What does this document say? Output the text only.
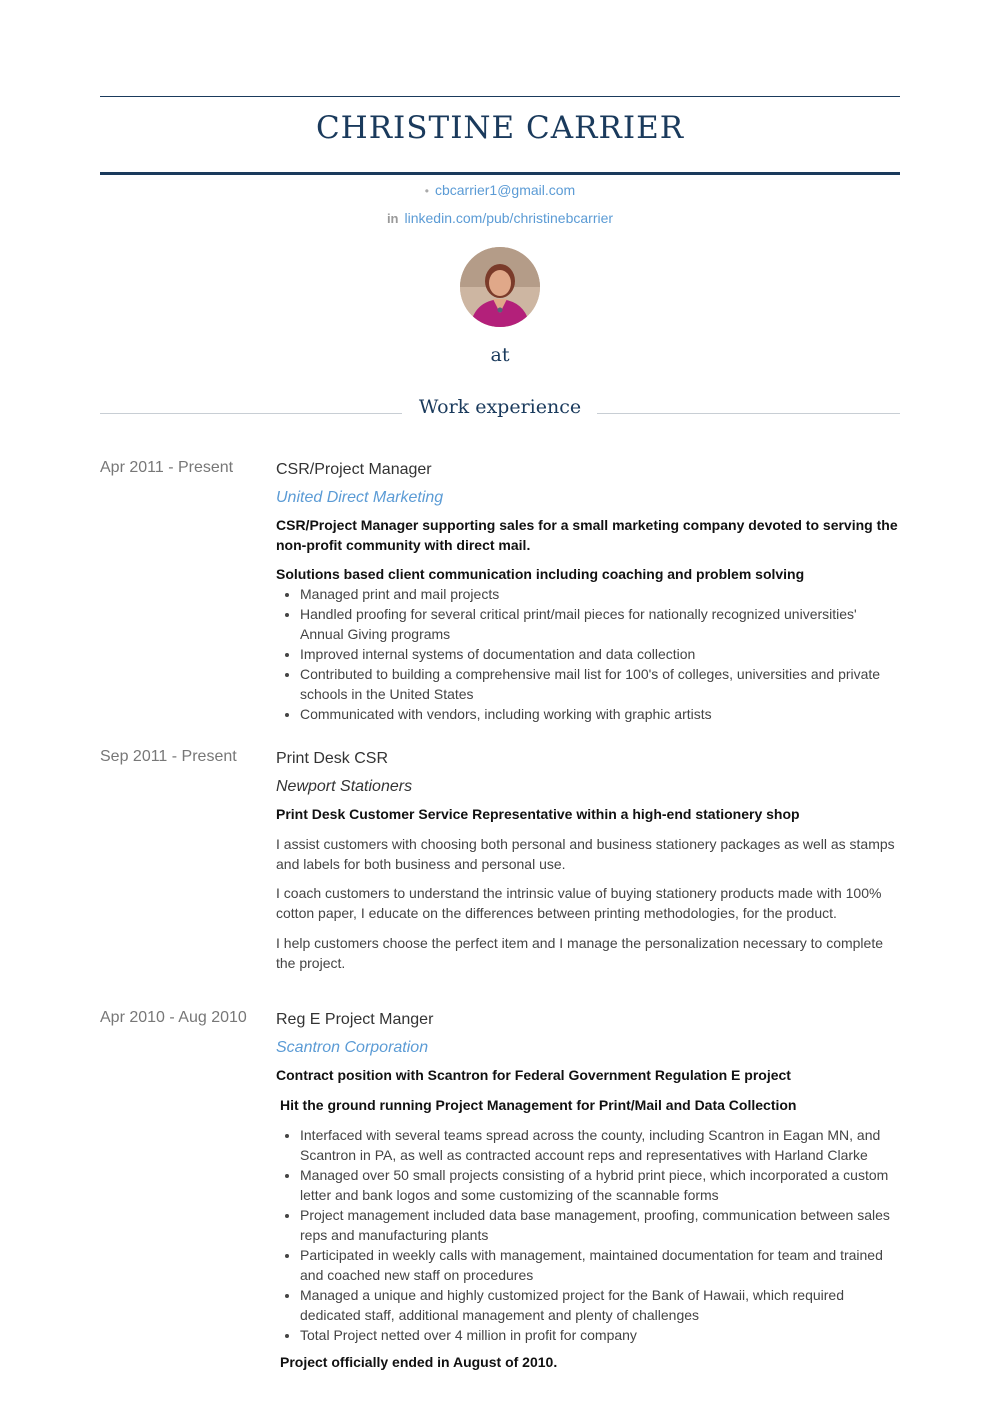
CHRISTINE CARRIER
• cbcarrier1@gmail.com
in linkedin.com/pub/christinebcarrier
at
Work experience
Apr 2011 - Present	CSR/Project Manager
United Direct Marketing

CSR/Project Manager supporting sales for a small marketing company devoted to serving the non-profit community with direct mail.

Solutions based client communication including coaching and problem solving

• Managed print and mail projects
• Handled proofing for several critical print/mail pieces for nationally recognized universities' Annual Giving programs
• Improved internal systems of documentation and data collection
• Contributed to building a comprehensive mail list for 100's of colleges, universities and private schools in the United States
• Communicated with vendors, including working with graphic artists
Sep 2011 - Present	Print Desk CSR
Newport Stationers

Print Desk Customer Service Representative within a high-end stationery shop

I assist customers with choosing both personal and business stationery packages as well as stamps and labels for both business and personal use.

I coach customers to understand the intrinsic value of buying stationery products made with 100% cotton paper, I educate on the differences between printing methodologies, for the product.

I help customers choose the perfect item and I manage the personalization necessary to complete the project.

Apr 2010 - Aug 2010	Reg E Project Manger
Scantron Corporation

Contract position with Scantron for Federal Government Regulation E project

Hit the ground running Project Management for Print/Mail and Data Collection

• Interfaced with several teams spread across the county, including Scantron in Eagan MN, and Scantron in PA, as well as contracted account reps and representatives with Harland Clarke
• Managed over 50 small projects consisting of a hybrid print piece, which incorporated a custom letter and bank logos and some customizing of the scannable forms
• Project management included data base management, proofing, communication between sales reps and manufacturing plants
• Participated in weekly calls with management, maintained documentation for team and trained and coached new staff on procedures
• Managed a unique and highly customized project for the Bank of Hawaii, which required dedicated staff, additional management and plenty of challenges
• Total Project netted over 4 million in profit for company

Project officially ended in August of 2010.
